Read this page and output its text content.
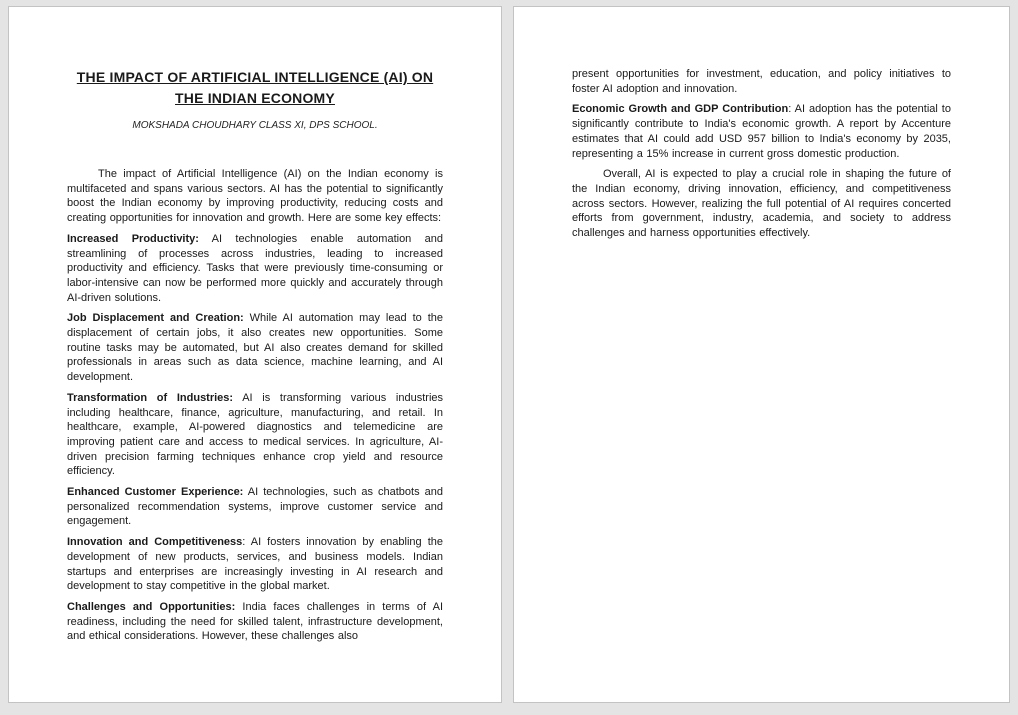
THE IMPACT OF ARTIFICIAL INTELLIGENCE (AI) ON THE INDIAN ECONOMY
MOKSHADA CHOUDHARY CLASS XI, DPS SCHOOL.

The impact of Artificial Intelligence (AI) on the Indian economy is multifaceted and spans various sectors. AI has the potential to significantly boost the Indian economy by improving productivity, reducing costs and creating opportunities for innovation and growth. Here are some key effects:

Increased Productivity: AI technologies enable automation and streamlining of processes across industries, leading to increased productivity and efficiency. Tasks that were previously time-consuming or labor-intensive can now be performed more quickly and accurately through AI-driven solutions.

Job Displacement and Creation: While AI automation may lead to the displacement of certain jobs, it also creates new opportunities. Some routine tasks may be automated, but AI also creates demand for skilled professionals in areas such as data science, machine learning, and AI development.

Transformation of Industries: AI is transforming various industries including healthcare, finance, agriculture, manufacturing, and retail. In healthcare, example, AI-powered diagnostics and telemedicine are improving patient care and access to medical services. In agriculture, AI-driven precision farming techniques enhance crop yield and resource efficiency.

Enhanced Customer Experience: AI technologies, such as chatbots and personalized recommendation systems, improve customer service and engagement.

Innovation and Competitiveness: AI fosters innovation by enabling the development of new products, services, and business models. Indian startups and enterprises are increasingly investing in AI research and development to stay competitive in the global market.

Challenges and Opportunities: India faces challenges in terms of AI readiness, including the need for skilled talent, infrastructure development, and ethical considerations. However, these challenges also

present opportunities for investment, education, and policy initiatives to foster AI adoption and innovation.

Economic Growth and GDP Contribution: AI adoption has the potential to significantly contribute to India's economic growth. A report by Accenture estimates that AI could add USD 957 billion to India's economy by 2035, representing a 15% increase in current gross domestic production.

Overall, AI is expected to play a crucial role in shaping the future of the Indian economy, driving innovation, efficiency, and competitiveness across sectors. However, realizing the full potential of AI requires concerted efforts from government, industry, academia, and society to address challenges and harness opportunities effectively.
